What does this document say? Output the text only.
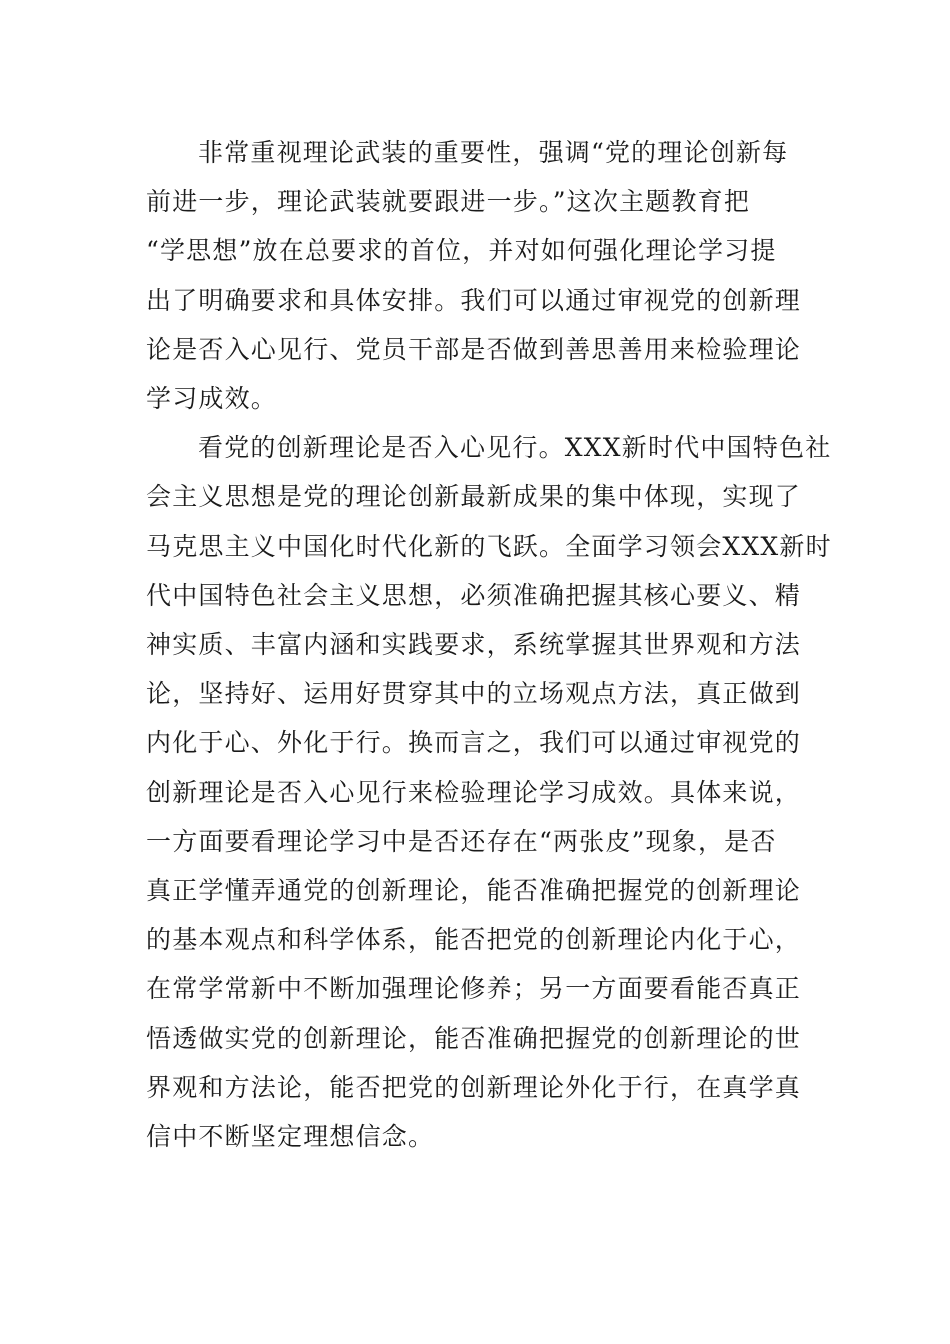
非常重视理论武装的重要性，强调“党的理论创新每
前进一步，理论武装就要跟进一步。”这次主题教育把
“学思想”放在总要求的首位，并对如何强化理论学习提
出了明确要求和具体安排。我们可以通过审视党的创新理
论是否入心见行、党员干部是否做到善思善用来检验理论
学习成效。

看党的创新理论是否入心见行。XXX新时代中国特色社
会主义思想是党的理论创新最新成果的集中体现，实现了
马克思主义中国化时代化新的飞跃。全面学习领会XXX新时
代中国特色社会主义思想，必须准确把握其核心要义、精
神实质、丰富内涵和实践要求，系统掌握其世界观和方法
论，坚持好、运用好贯穿其中的立场观点方法，真正做到
内化于心、外化于行。换而言之，我们可以通过审视党的
创新理论是否入心见行来检验理论学习成效。具体来说，
一方面要看理论学习中是否还存在“两张皮”现象，是否
真正学懂弄通党的创新理论，能否准确把握党的创新理论
的基本观点和科学体系，能否把党的创新理论内化于心，
在常学常新中不断加强理论修养；另一方面要看能否真正
悟透做实党的创新理论，能否准确把握党的创新理论的世
界观和方法论，能否把党的创新理论外化于行，在真学真
信中不断坚定理想信念。
